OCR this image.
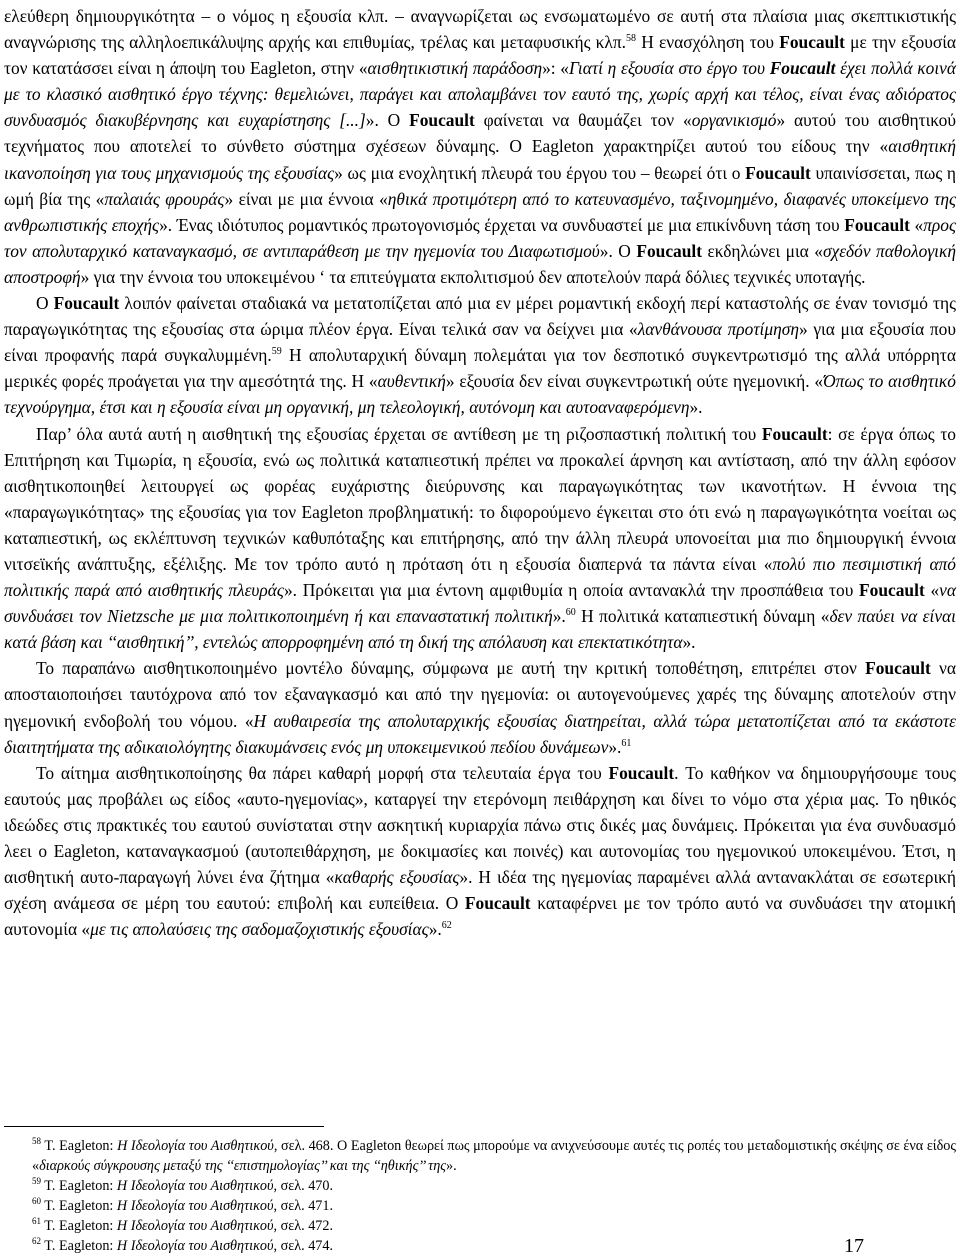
ελεύθερη δημιουργικότητα – ο νόμος η εξουσία κλπ. – αναγνωρίζεται ως ενσωματωμένο σε αυτή στα πλαίσια μιας σκεπτικιστικής αναγνώρισης της αλληλοεπικάλυψης αρχής και επιθυμίας, τρέλας και μεταφυσικής κλπ.$^{58}$ Η ενασχόληση του Foucault με την εξουσία τον κατατάσσει είναι η άποψη του Eagleton, στην «αισθητικιστική παράδοση»: «Γιατί η εξουσία στο έργο του Foucault έχει πολλά κοινά με το κλασικό αισθητικό έργο τέχνης: θεμελιώνει, παράγει και απολαμβάνει τον εαυτό της, χωρίς αρχή και τέλος, είναι ένας αδιόρατος συνδυασμός διακυβέρνησης και ευχαρίστησης [...]». Ο Foucault φαίνεται να θαυμάζει τον «οργανικισμό» αυτού του αισθητικού τεχνήματος που αποτελεί το σύνθετο σύστημα σχέσεων δύναμης. Ο Eagleton χαρακτηρίζει αυτού του είδους την «αισθητική ικανοποίηση για τους μηχανισμούς της εξουσίας» ως μια ενοχλητική πλευρά του έργου του – θεωρεί ότι ο Foucault υπαινίσσεται, πως η ωμή βία της «παλαιάς φρουράς» είναι με μια έννοια «ηθικά προτιμότερη από το κατευνασμένο, ταξινομημένο, διαφανές υποκείμενο της ανθρωπιστικής εποχής». Ένας ιδιότυπος ρομαντικός πρωτογονισμός έρχεται να συνδυαστεί με μια επικίνδυνη τάση του Foucault «προς τον απολυταρχικό καταναγκασμό, σε αντιπαράθεση με την ηγεμονία του Διαφωτισμού». Ο Foucault εκδηλώνει μια «σχεδόν παθολογική αποστροφή» για την έννοια του υποκειμένου ‘ τα επιτεύγματα εκπολιτισμού δεν αποτελούν παρά δόλιες τεχνικές υποταγής.

Ο Foucault λοιπόν φαίνεται σταδιακά να μετατοπίζεται από μια εν μέρει ρομαντική εκδοχή περί καταστολής σε έναν τονισμό της παραγωγικότητας της εξουσίας στα ώριμα πλέον έργα. Είναι τελικά σαν να δείχνει μια «λανθάνουσα προτίμηση» για μια εξουσία που είναι προφανής παρά συγκαλυμμένη.$^{59}$ Η απολυταρχική δύναμη πολεμάται για τον δεσποτικό συγκεντρωτισμό της αλλά υπόρρητα μερικές φορές προάγεται για την αμεσότητά της. Η «αυθεντική» εξουσία δεν είναι συγκεντρωτική ούτε ηγεμονική. «Όπως το αισθητικό τεχνούργημα, έτσι και η εξουσία είναι μη οργανική, μη τελεολογική, αυτόνομη και αυτοαναφερόμενη».

Παρ’ όλα αυτά αυτή η αισθητική της εξουσίας έρχεται σε αντίθεση με τη ριζοσπαστική πολιτική του Foucault: σε έργα όπως το Επιτήρηση και Τιμωρία, η εξουσία, ενώ ως πολιτικά καταπιεστική πρέπει να προκαλεί άρνηση και αντίσταση, από την άλλη εφόσον αισθητικοποιηθεί λειτουργεί ως φορέας ευχάριστης διεύρυνσης και παραγωγικότητας των ικανοτήτων. Η έννοια της «παραγωγικότητας» της εξουσίας για τον Eagleton προβληματική: το διφορούμενο έγκειται στο ότι ενώ η παραγωγικότητα νοείται ως καταπιεστική, ως εκλέπτυνση τεχνικών καθυπόταξης και επιτήρησης, από την άλλη πλευρά υπονοείται μια πιο δημιουργική έννοια νιτσεϊκής ανάπτυξης, εξέλιξης. Με τον τρόπο αυτό η πρόταση ότι η εξουσία διαπερνά τα πάντα είναι «πολύ πιο πεσιμιστική από πολιτικής παρά από αισθητικής πλευράς». Πρόκειται για μια έντονη αμφιθυμία η οποία αντανακλά την προσπάθεια του Foucault «να συνδυάσει τον Nietzsche με μια πολιτικοποιημένη ή και επαναστατική πολιτική».$^{60}$ Η πολιτικά καταπιεστική δύναμη «δεν παύει να είναι κατά βάση και ‘‘αισθητική’’, εντελώς απορροφημένη από τη δική της απόλαυση και επεκτατικότητα».

Το παραπάνω αισθητικοποιημένο μοντέλο δύναμης, σύμφωνα με αυτή την κριτική τοποθέτηση, επιτρέπει στον Foucault να αποσταιοποιήσει ταυτόχρονα από τον εξαναγκασμό και από την ηγεμονία: οι αυτογενούμενες χαρές της δύναμης αποτελούν στην ηγεμονική ενδοβολή του νόμου. «Η αυθαιρεσία της απολυταρχικής εξουσίας διατηρείται, αλλά τώρα μετατοπίζεται από τα εκάστοτε διαιτητήματα της αδικαιολόγητης διακυμάνσεις ενός μη υποκειμενικού πεδίου δυνάμεων».$^{61}$

Το αίτημα αισθητικοποίησης θα πάρει καθαρή μορφή στα τελευταία έργα του Foucault. Το καθήκον να δημιουργήσουμε τους εαυτούς μας προβάλει ως είδος «αυτο-ηγεμονίας», καταργεί την ετερόνομη πειθάρχηση και δίνει το νόμο στα χέρια μας. Το ηθικός ιδεώδες στις πρακτικές του εαυτού συνίσταται στην ασκητική κυριαρχία πάνω στις δικές μας δυνάμεις. Πρόκειται για ένα συνδυασμό λεει ο Eagleton, καταναγκασμού (αυτοπειθάρχηση, με δοκιμασίες και ποινές) και αυτονομίας του ηγεμονικού υποκειμένου. Έτσι, η αισθητική αυτο-παραγωγή λύνει ένα ζήτημα «καθαρής εξουσίας». Η ιδέα της ηγεμονίας παραμένει αλλά αντανακλάται σε εσωτερική σχέση ανάμεσα σε μέρη του εαυτού: επιβολή και ευπείθεια. Ο Foucault καταφέρνει με τον τρόπο αυτό να συνδυάσει την ατομική αυτονομία «με τις απολαύσεις της σαδομαζοχιστικής εξουσίας».$^{62}$

$^{58}$ Τ. Eagleton: Η Ιδεολογία του Αισθητικού, σελ. 468. Ο Eagleton θεωρεί πως μπορούμε να ανιχνεύσουμε αυτές τις ροπές του μεταδομιστικής σκέψης σε ένα είδος «διαρκούς σύγκρουσης μεταξύ της ‘‘επιστημολογίας’’ και της ‘‘ηθικής’’ της».

$^{59}$ Τ. Eagleton: Η Ιδεολογία του Αισθητικού, σελ. 470.

$^{60}$ Τ. Eagleton: Η Ιδεολογία του Αισθητικού, σελ. 471.

$^{61}$ Τ. Eagleton: Η Ιδεολογία του Αισθητικού, σελ. 472.

$^{62}$ Τ. Eagleton: Η Ιδεολογία του Αισθητικού, σελ. 474.	17
